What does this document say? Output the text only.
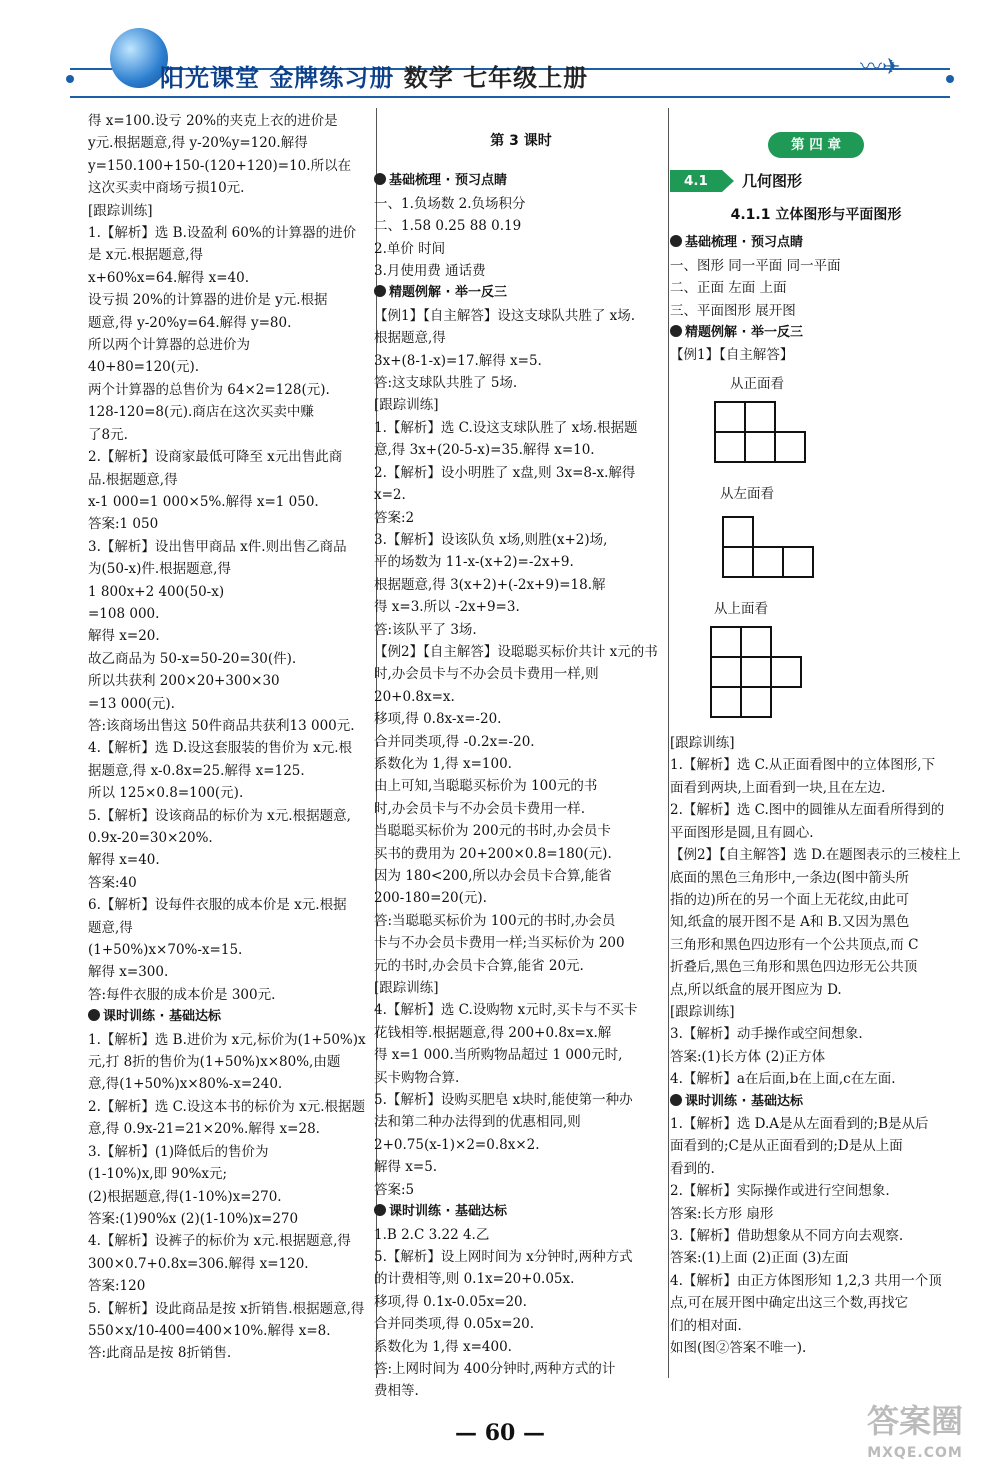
阳光课堂 金牌练习册 数学 七年级上册	〰✈
得 x=100.设亏 20%的夹克上衣的进价是
y元.根据题意,得 y-20%y=120.解得
y=150.100+150-(120+120)=10.所以在
这次买卖中商场亏损10元.
[跟踪训练]
1.【解析】选 B.设盈利 60%的计算器的进价
是 x元.根据题意,得
x+60%x=64.解得 x=40.
设亏损 20%的计算器的进价是 y元.根据
题意,得 y-20%y=64.解得 y=80.
所以两个计算器的总进价为
40+80=120(元).
两个计算器的总售价为 64×2=128(元).
128-120=8(元).商店在这次买卖中赚
了8元.
2.【解析】设商家最低可降至 x元出售此商
品.根据题意,得
x-1 000=1 000×5%.解得 x=1 050.
答案:1 050
3.【解析】设出售甲商品 x件.则出售乙商品
为(50-x)件.根据题意,得
1 800x+2 400(50-x)
=108 000.
解得 x=20.
故乙商品为 50-x=50-20=30(件).
所以共获利 200×20+300×30
=13 000(元).
答:该商场出售这 50件商品共获利13 000元.
4.【解析】选 D.设这套服装的售价为 x元.根
据题意,得 x-0.8x=25.解得 x=125.
所以 125×0.8=100(元).
5.【解析】设该商品的标价为 x元.根据题意,
0.9x-20=30×20%.
解得 x=40.
答案:40
6.【解析】设每件衣服的成本价是 x元.根据
题意,得
(1+50%)x×70%-x=15.
解得 x=300.
答:每件衣服的成本价是 300元.
课时训练 · 基础达标
1.【解析】选 B.进价为 x元,标价为(1+50%)x
元,打 8折的售价为(1+50%)x×80%,由题
意,得(1+50%)x×80%-x=240.
2.【解析】选 C.设这本书的标价为 x元.根据题
意,得 0.9x-21=21×20%.解得 x=28.
3.【解析】(1)降低后的售价为
(1-10%)x,即 90%x元;
(2)根据题意,得(1-10%)x=270.
答案:(1)90%x (2)(1-10%)x=270
4.【解析】设裤子的标价为 x元.根据题意,得
300×0.7+0.8x=306.解得 x=120.
答案:120
5.【解析】设此商品是按 x折销售.根据题意,得
550×x/10-400=400×10%.解得 x=8.
答:此商品是按 8折销售.
第 3 课时
基础梳理 · 预习点睛
一、1.负场数 2.负场积分
二、1.58 0.25 88 0.19
2.单价 时间
3.月使用费 通话费
精题例解 · 举一反三
【例1】【自主解答】设这支球队共胜了 x场.
根据题意,得
3x+(8-1-x)=17.解得 x=5.
答:这支球队共胜了 5场.
[跟踪训练]
1.【解析】选 C.设这支球队胜了 x场.根据题
意,得 3x+(20-5-x)=35.解得 x=10.
2.【解析】设小明胜了 x盘,则 3x=8-x.解得
x=2.
答案:2
3.【解析】设该队负 x场,则胜(x+2)场,
平的场数为 11-x-(x+2)=-2x+9.
根据题意,得 3(x+2)+(-2x+9)=18.解
得 x=3.所以 -2x+9=3.
答:该队平了 3场.
【例2】【自主解答】设聪聪买标价共计 x元的书
时,办会员卡与不办会员卡费用一样,则
20+0.8x=x.
移项,得 0.8x-x=-20.
合并同类项,得 -0.2x=-20.
系数化为 1,得 x=100.
由上可知,当聪聪买标价为 100元的书
时,办会员卡与不办会员卡费用一样.
当聪聪买标价为 200元的书时,办会员卡
买书的费用为 20+200×0.8=180(元).
因为 180<200,所以办会员卡合算,能省
200-180=20(元).
答:当聪聪买标价为 100元的书时,办会员
卡与不办会员卡费用一样;当买标价为 200
元的书时,办会员卡合算,能省 20元.
[跟踪训练]
4.【解析】选 C.设购物 x元时,买卡与不买卡
花钱相等.根据题意,得 200+0.8x=x.解
得 x=1 000.当所购物品超过 1 000元时,
买卡购物合算.
5.【解析】设购买肥皂 x块时,能使第一种办
法和第二种办法得到的优惠相同,则
2+0.75(x-1)×2=0.8x×2.
解得 x=5.
答案:5
课时训练 · 基础达标
1.B 2.C 3.22 4.乙
5.【解析】设上网时间为 x分钟时,两种方式
的计费相等,则 0.1x=20+0.05x.
移项,得 0.1x-0.05x=20.
合并同类项,得 0.05x=20.
系数化为 1,得 x=400.
答:上网时间为 400分钟时,两种方式的计
费相等.
第 四 章
4.1	几何图形
4.1.1 立体图形与平面图形
基础梳理 · 预习点睛
一、图形 同一平面 同一平面
二、正面 左面 上面
三、平面图形 展开图
精题例解 · 举一反三
【例1】【自主解答】
从正面看
从左面看
从上面看
[跟踪训练]
1.【解析】选 C.从正面看图中的立体图形,下
面看到两块,上面看到一块,且在左边.
2.【解析】选 C.图中的圆锥从左面看所得到的
平面图形是圆,且有圆心.
【例2】【自主解答】选 D.在题图表示的三棱柱上
底面的黑色三角形中,一条边(图中箭头所
指的边)所在的另一个面上无花纹,由此可
知,纸盒的展开图不是 A和 B.又因为黑色
三角形和黑色四边形有一个公共顶点,而 C
折叠后,黑色三角形和黑色四边形无公共顶
点,所以纸盒的展开图应为 D.
[跟踪训练]
3.【解析】动手操作或空间想象.
答案:(1)长方体 (2)正方体
4.【解析】a在后面,b在上面,c在左面.
课时训练 · 基础达标
1.【解析】选 D.A是从左面看到的;B是从后
面看到的;C是从正面看到的;D是从上面
看到的.
2.【解析】实际操作或进行空间想象.
答案:长方形 扇形
3.【解析】借助想象从不同方向去观察.
答案:(1)上面 (2)正面 (3)左面
4.【解析】由正方体图形知 1,2,3 共用一个顶
点,可在展开图中确定出这三个数,再找它
们的相对面.
如图(图②答案不唯一).
— 60 —	答案圈
MXQE.COM
